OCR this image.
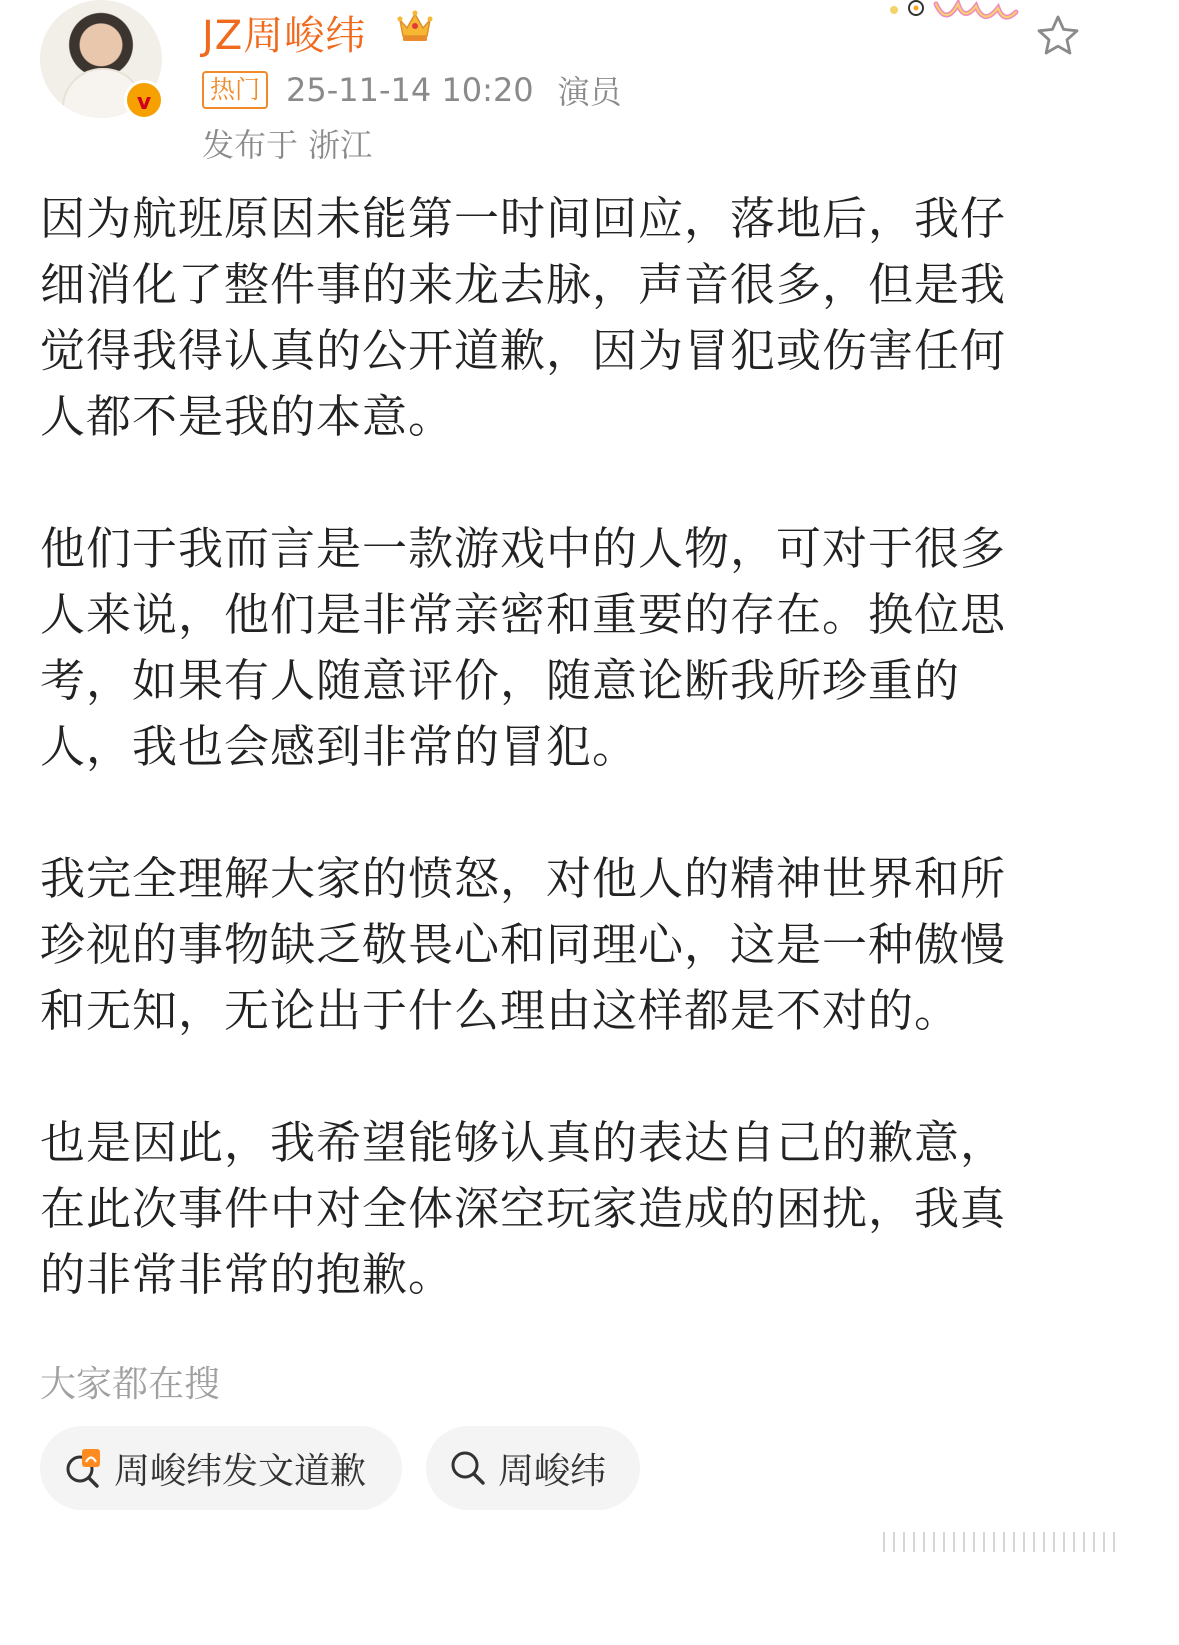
v
JZ周峻纬
热门 25-11-14 10:20 演员
发布于 浙江

因为航班原因未能第一时间回应，落地后，我仔细消化了整件事的来龙去脉，声音很多，但是我觉得我得认真的公开道歉，因为冒犯或伤害任何人都不是我的本意。

他们于我而言是一款游戏中的人物，可对于很多人来说，他们是非常亲密和重要的存在。换位思考，如果有人随意评价，随意论断我所珍重的人，我也会感到非常的冒犯。

我完全理解大家的愤怒，对他人的精神世界和所珍视的事物缺乏敬畏心和同理心，这是一种傲慢和无知，无论出于什么理由这样都是不对的。

也是因此，我希望能够认真的表达自己的歉意，在此次事件中对全体深空玩家造成的困扰，我真的非常非常的抱歉。

大家都在搜
周峻纬发文道歉	周峻纬
